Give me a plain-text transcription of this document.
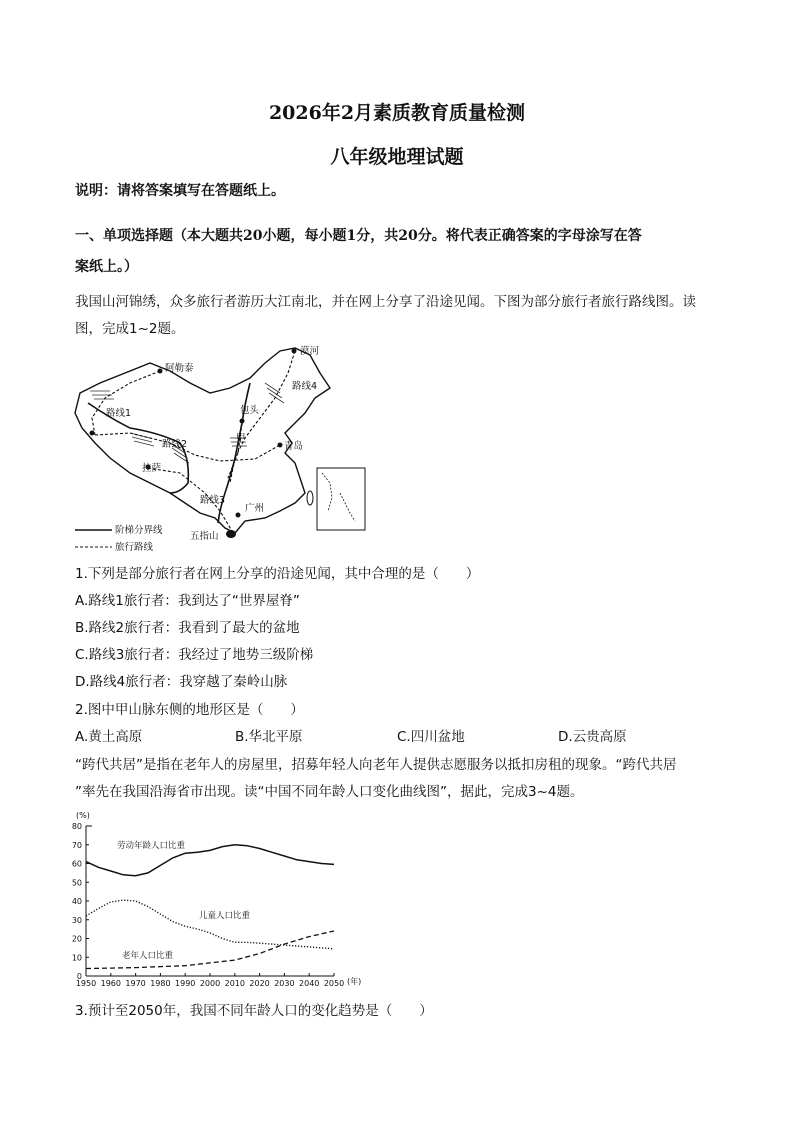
2026年2月素质教育质量检测
八年级地理试题
说明：请将答案填写在答题纸上。
一、单项选择题（本大题共20小题，每小题1分，共20分。将代表正确答案的字母涂写在答
案纸上。）
我国山河锦绣，众多旅行者游历大江南北，并在网上分享了沿途见闻。下图为部分旅行者旅行路线图。读
图，完成1~2题。
漠河
阿勒泰
路线4
路线1	包头
路线2
甲
青岛
拉萨
路线3
广州
五指山
阶梯分界线
旅行路线
1.下列是部分旅行者在网上分享的沿途见闻，其中合理的是（　　）
A.路线1旅行者：我到达了“世界屋脊”
B.路线2旅行者：我看到了最大的盆地
C.路线3旅行者：我经过了地势三级阶梯
D.路线4旅行者：我穿越了秦岭山脉
2.图中甲山脉东侧的地形区是（　　）
A.黄土高原	B.华北平原	C.四川盆地	D.云贵高原
“跨代共居”是指在老年人的房屋里，招募年轻人向老年人提供志愿服务以抵扣房租的现象。“跨代共居
”率先在我国沿海省市出现。读“中国不同年龄人口变化曲线图”，据此，完成3~4题。
(%)
0
10
20
30
40
50
60
70
80
1950 1960 1970 1980 1990 2000 2010 2020 2030 2040 2050 (年)
劳动年龄人口比重
儿童人口比重
老年人口比重
3.预计至2050年，我国不同年龄人口的变化趋势是（　　）
